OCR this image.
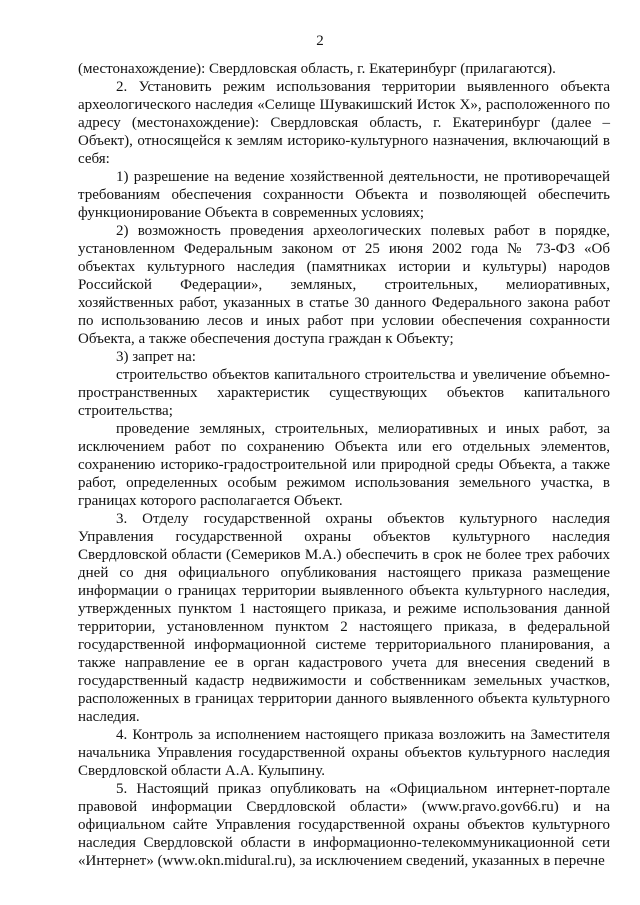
2

(местонахождение): Свердловская область, г. Екатеринбург (прилагаются).

2. Установить режим использования территории выявленного объекта археологического наследия «Селище Шувакишский Исток Х», расположенного по адресу (местонахождение): Свердловская область, г. Екатеринбург (далее – Объект), относящейся к землям историко-культурного назначения, включающий в себя:

1) разрешение на ведение хозяйственной деятельности, не противоречащей требованиям обеспечения сохранности Объекта и позволяющей обеспечить функционирование Объекта в современных условиях;

2) возможность проведения археологических полевых работ в порядке, установленном Федеральным законом от 25 июня 2002 года № 73-ФЗ «Об объектах культурного наследия (памятниках истории и культуры) народов Российской Федерации», земляных, строительных, мелиоративных, хозяйственных работ, указанных в статье 30 данного Федерального закона работ по использованию лесов и иных работ при условии обеспечения сохранности Объекта, а также обеспечения доступа граждан к Объекту;

3) запрет на:

строительство объектов капитального строительства и увеличение объемно-пространственных характеристик существующих объектов капитального строительства;

проведение земляных, строительных, мелиоративных и иных работ, за исключением работ по сохранению Объекта или его отдельных элементов, сохранению историко-градостроительной или природной среды Объекта, а также работ, определенных особым режимом использования земельного участка, в границах которого располагается Объект.

3. Отделу государственной охраны объектов культурного наследия Управления государственной охраны объектов культурного наследия Свердловской области (Семериков М.А.) обеспечить в срок не более трех рабочих дней со дня официального опубликования настоящего приказа размещение информации о границах территории выявленного объекта культурного наследия, утвержденных пунктом 1 настоящего приказа, и режиме использования данной территории, установленном пунктом 2 настоящего приказа, в федеральной государственной информационной системе территориального планирования, а также направление ее в орган кадастрового учета для внесения сведений в государственный кадастр недвижимости и собственникам земельных участков, расположенных в границах территории данного выявленного объекта культурного наследия.

4. Контроль за исполнением настоящего приказа возложить на Заместителя начальника Управления государственной охраны объектов культурного наследия Свердловской области А.А. Кулыпину.

5. Настоящий приказ опубликовать на «Официальном интернет-портале правовой информации Свердловской области» (www.pravo.gov66.ru) и на официальном сайте Управления государственной охраны объектов культурного наследия Свердловской области в информационно-телекоммуникационной сети «Интернет» (www.okn.midural.ru), за исключением сведений, указанных в перечне
